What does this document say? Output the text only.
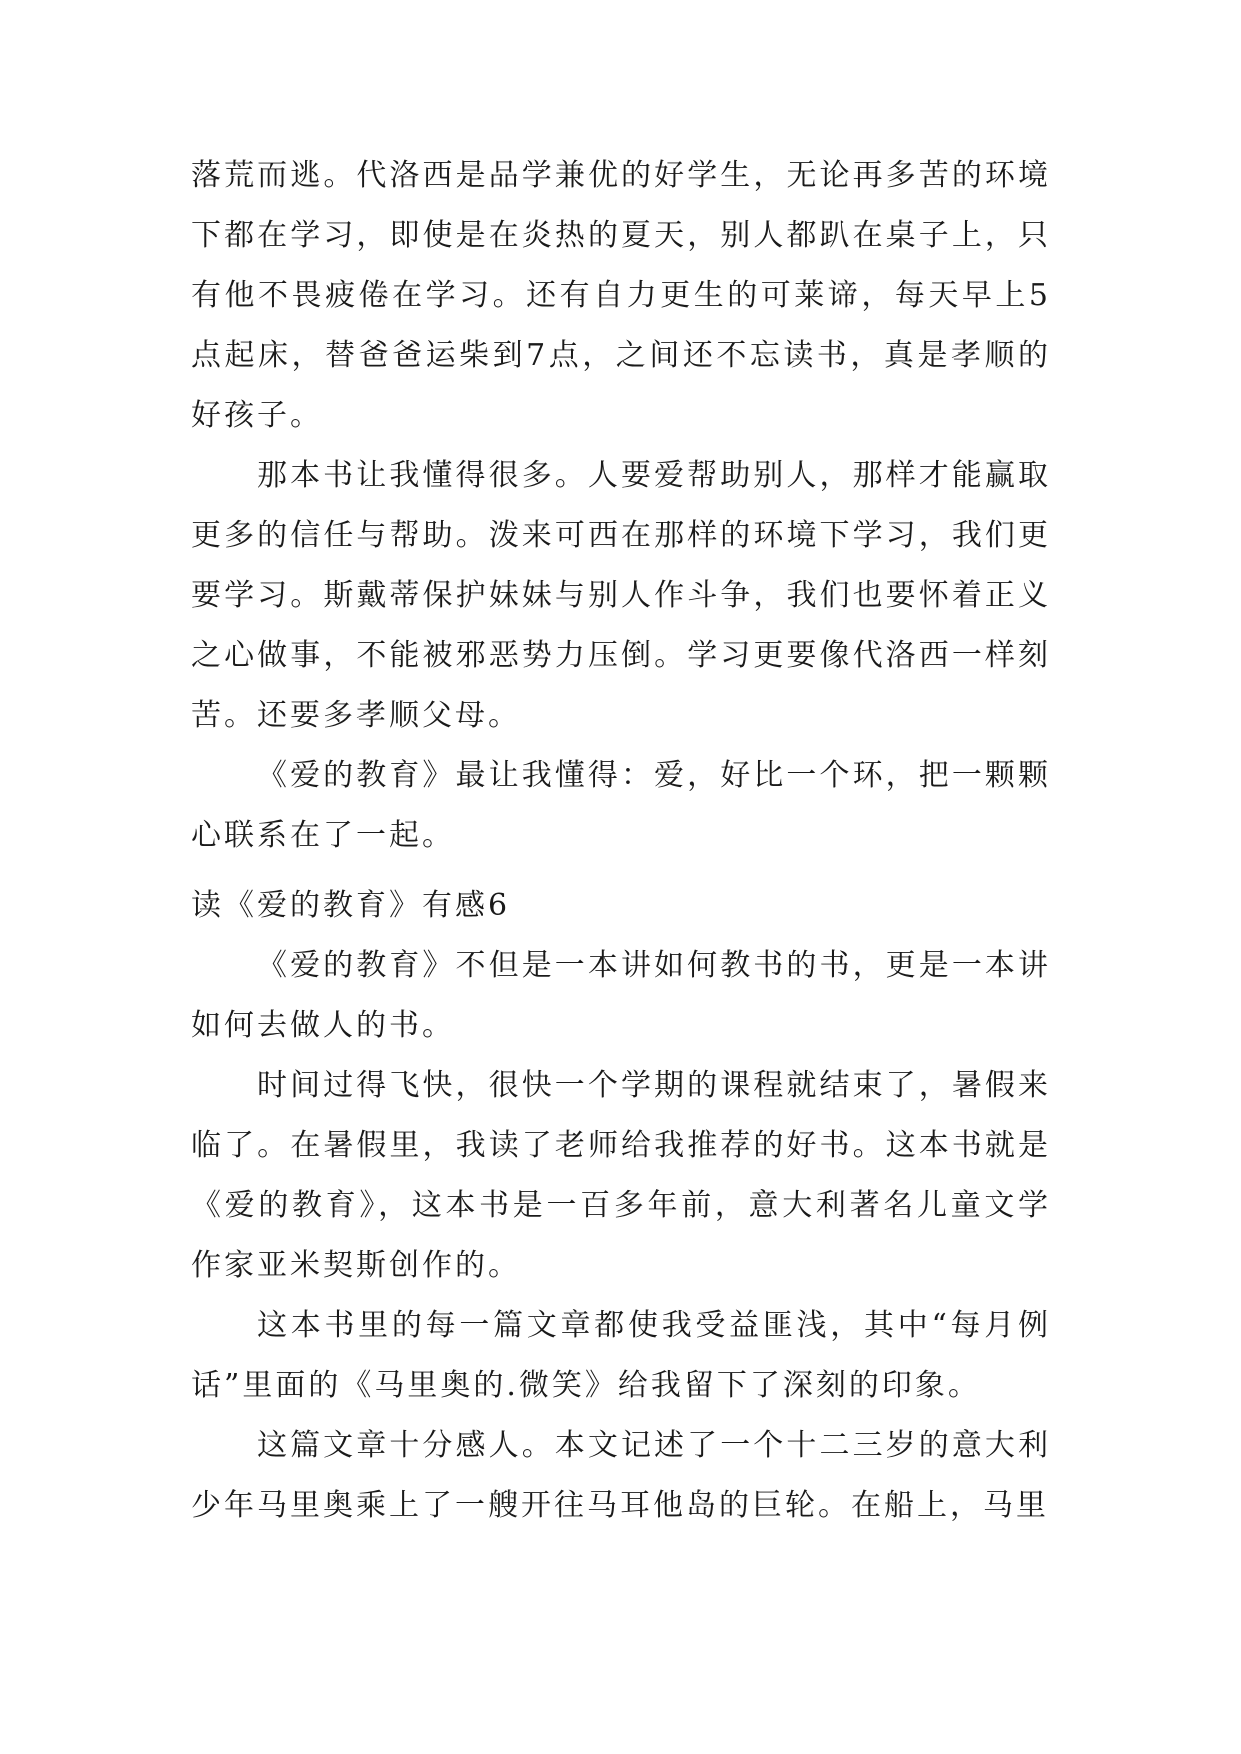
落荒而逃。代洛西是品学兼优的好学生，无论再多苦的环境下都在学习，即使是在炎热的夏天，别人都趴在桌子上，只有他不畏疲倦在学习。还有自力更生的可莱谛，每天早上5点起床，替爸爸运柴到7点，之间还不忘读书，真是孝顺的好孩子。

那本书让我懂得很多。人要爱帮助别人，那样才能赢取更多的信任与帮助。泼来可西在那样的环境下学习，我们更要学习。斯戴蒂保护妹妹与别人作斗争，我们也要怀着正义之心做事，不能被邪恶势力压倒。学习更要像代洛西一样刻苦。还要多孝顺父母。

《爱的教育》最让我懂得：爱，好比一个环，把一颗颗心联系在了一起。

读《爱的教育》有感6

《爱的教育》不但是一本讲如何教书的书，更是一本讲如何去做人的书。

时间过得飞快，很快一个学期的课程就结束了，暑假来临了。在暑假里，我读了老师给我推荐的好书。这本书就是《爱的教育》，这本书是一百多年前，意大利著名儿童文学作家亚米契斯创作的。

这本书里的每一篇文章都使我受益匪浅，其中“每月例话”里面的《马里奥的.微笑》给我留下了深刻的印象。

这篇文章十分感人。本文记述了一个十二三岁的意大利少年马里奥乘上了一艘开往马耳他岛的巨轮。在船上，马里
